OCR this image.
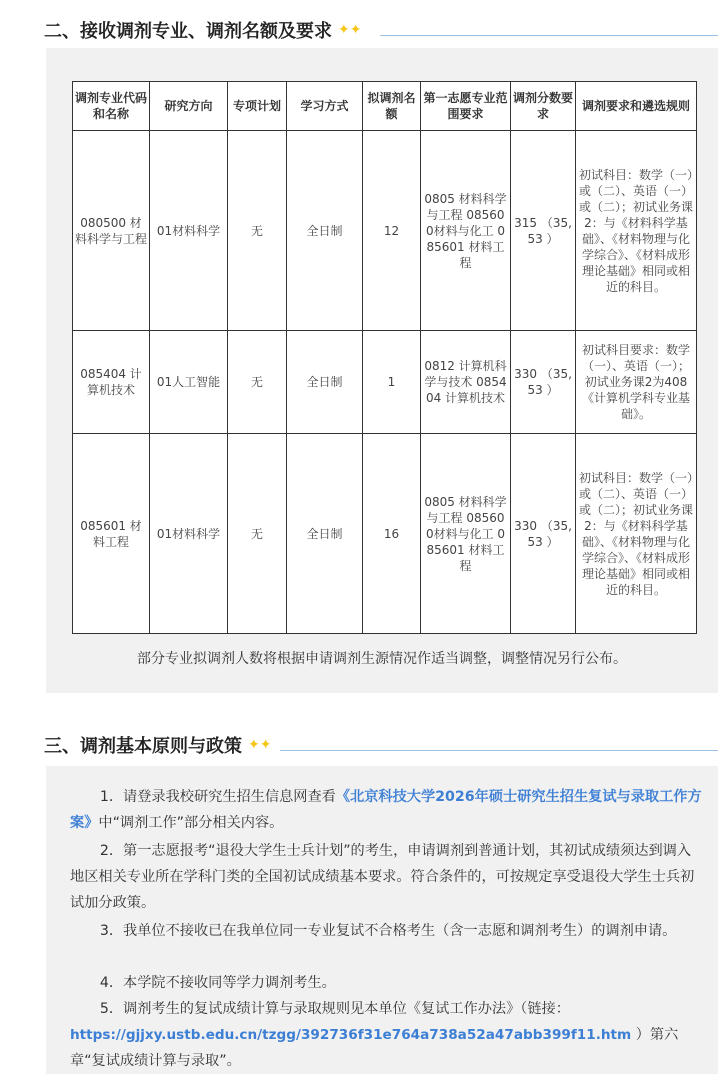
二、接收调剂专业、调剂名额及要求 ✦✦
调剂专业代码和名称	研究方向	专项计划	学习方式	拟调剂名额	第一志愿专业范围要求	调剂分数要求	调剂要求和遴选规则
080500 材料科学与工程	01材料科学	无	全日制	12	0805 材料科学与工程 085600材料与化工 085601 材料工程	315 （35,53 ）	初试科目：数学（一）或（二）、英语（一）或（二）；初试业务课2：与《材料科学基础》、《材料物理与化学综合》、《材料成形理论基础》相同或相近的科目。
085404 计算机技术	01人工智能	无	全日制	1	0812 计算机科学与技术 085404 计算机技术	330 （35,53 ）	初试科目要求：数学（一）、英语（一）；初试业务课2为408《计算机学科专业基础》。
085601 材料工程	01材料科学	无	全日制	16	0805 材料科学与工程 085600材料与化工 085601 材料工程	330 （35,53 ）	初试科目：数学（一）或（二）、英语（一）或（二）；初试业务课2：与《材料科学基础》、《材料物理与化学综合》、《材料成形理论基础》相同或相近的科目。
部分专业拟调剂人数将根据申请调剂生源情况作适当调整，调整情况另行公布。
三、调剂基本原则与政策 ✦✦
1．请登录我校研究生招生信息网查看《北京科技大学2026年硕士研究生招生复试与录取工作方案》中“调剂工作”部分相关内容。
2．第一志愿报考“退役大学生士兵计划”的考生，申请调剂到普通计划，其初试成绩须达到调入地区相关专业所在学科门类的全国初试成绩基本要求。符合条件的，可按规定享受退役大学生士兵初试加分政策。
3．我单位不接收已在我单位同一专业复试不合格考生（含一志愿和调剂考生）的调剂申请。
4．本学院不接收同等学力调剂考生。
5．调剂考生的复试成绩计算与录取规则见本单位《复试工作办法》（链接： https://gjjxy.ustb.edu.cn/tzgg/392736f31e764a738a52a47abb399f11.htm ）第六章“复试成绩计算与录取”。
